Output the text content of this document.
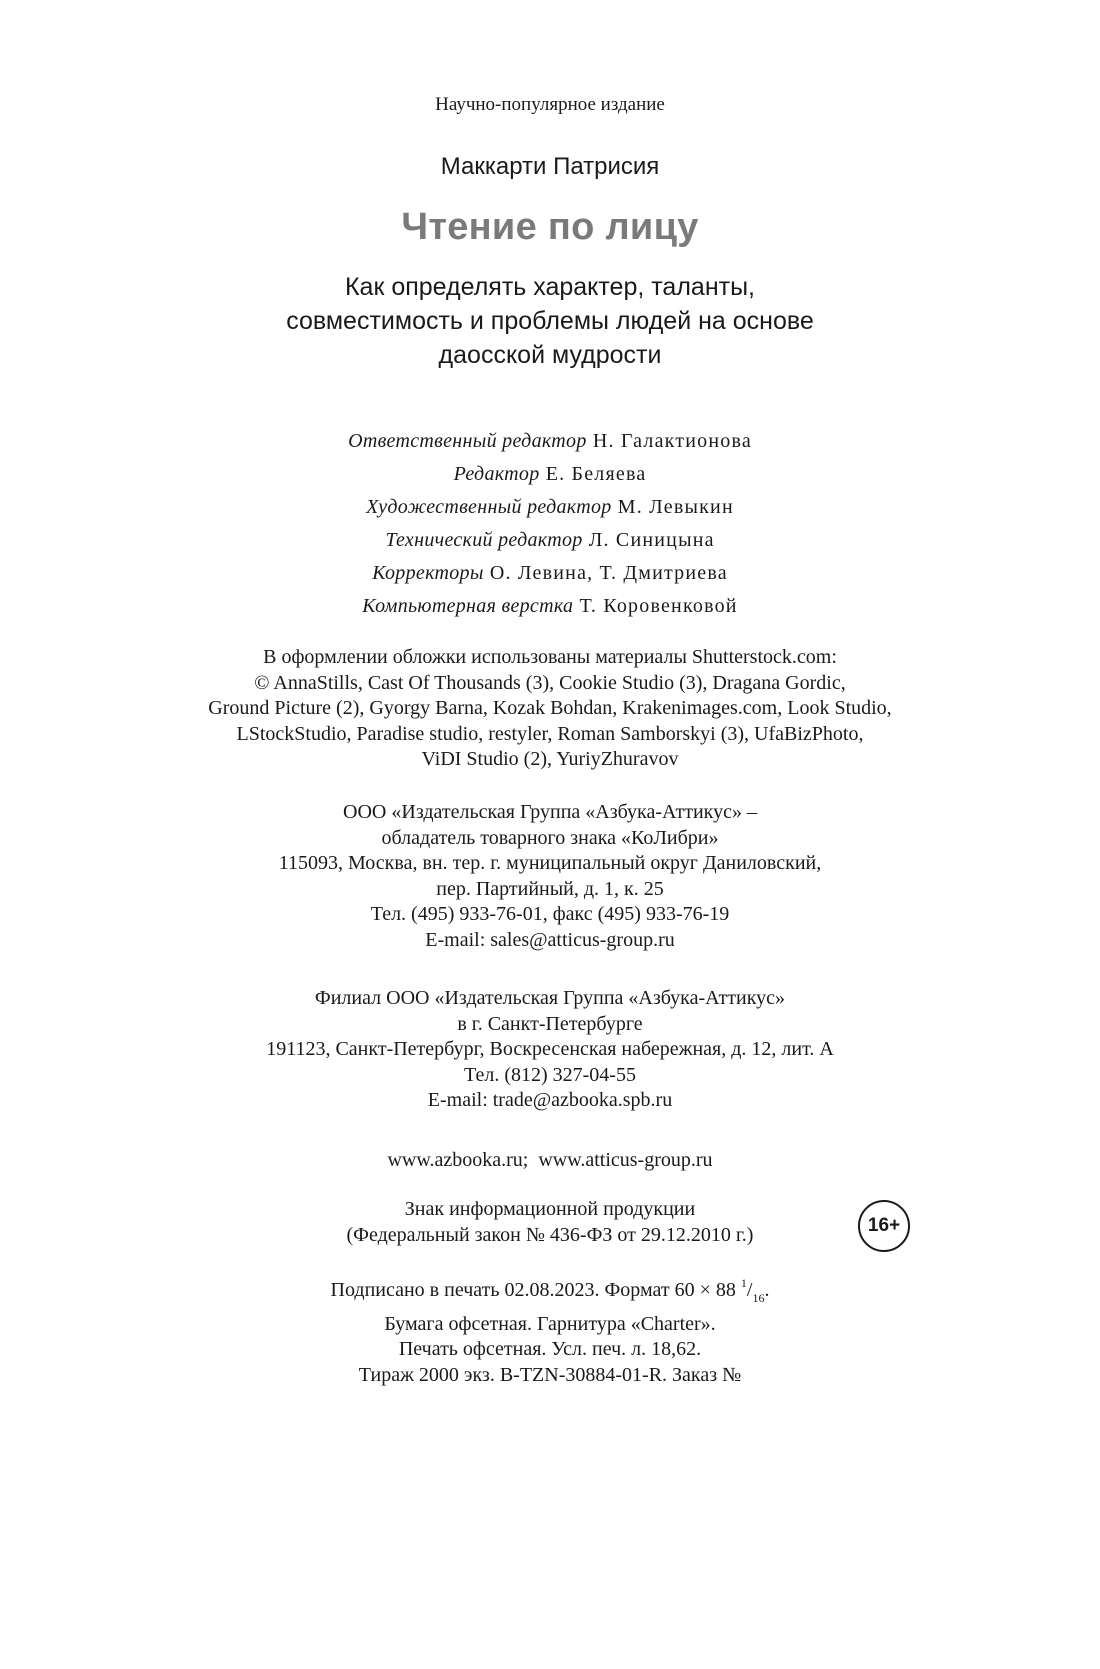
Научно-популярное издание
Маккарти Патрисия
Чтение по лицу
Как определять характер, таланты,
совместимость и проблемы людей на основе
даосской мудрости
Ответственный редактор Н. Галактионова
Редактор Е. Беляева
Художественный редактор М. Левыкин
Технический редактор Л. Синицына
Корректоры О. Левина, Т. Дмитриева
Компьютерная верстка Т. Коровенковой
В оформлении обложки использованы материалы Shutterstock.com:
© AnnaStills, Cast Of Thousands (3), Cookie Studio (3), Dragana Gordic,
Ground Picture (2), Gyorgy Barna, Kozak Bohdan, Krakenimages.com, Look Studio,
LStockStudio, Paradise studio, restyler, Roman Samborskyi (3), UfaBizPhoto,
ViDI Studio (2), YuriyZhuravov
ООО «Издательская Группа «Азбука-Аттикус» –
обладатель товарного знака «КоЛибри»
115093, Москва, вн. тер. г. муниципальный округ Даниловский,
пер. Партийный, д. 1, к. 25
Тел. (495) 933-76-01, факс (495) 933-76-19
E-mail: sales@atticus-group.ru
Филиал ООО «Издательская Группа «Азбука-Аттикус»
в г. Санкт-Петербурге
191123, Санкт-Петербург, Воскресенская набережная, д. 12, лит. А
Тел. (812) 327-04-55
E-mail: trade@azbooka.spb.ru
www.azbooka.ru;  www.atticus-group.ru
Знак информационной продукции
(Федеральный закон № 436-ФЗ от 29.12.2010 г.)	16+
Подписано в печать 02.08.2023. Формат 60 × 88 $^1/_{16}$.
Бумага офсетная. Гарнитура «Charter».
Печать офсетная. Усл. печ. л. 18,62.
Тираж 2000 экз. B-TZN-30884-01-R. Заказ №
